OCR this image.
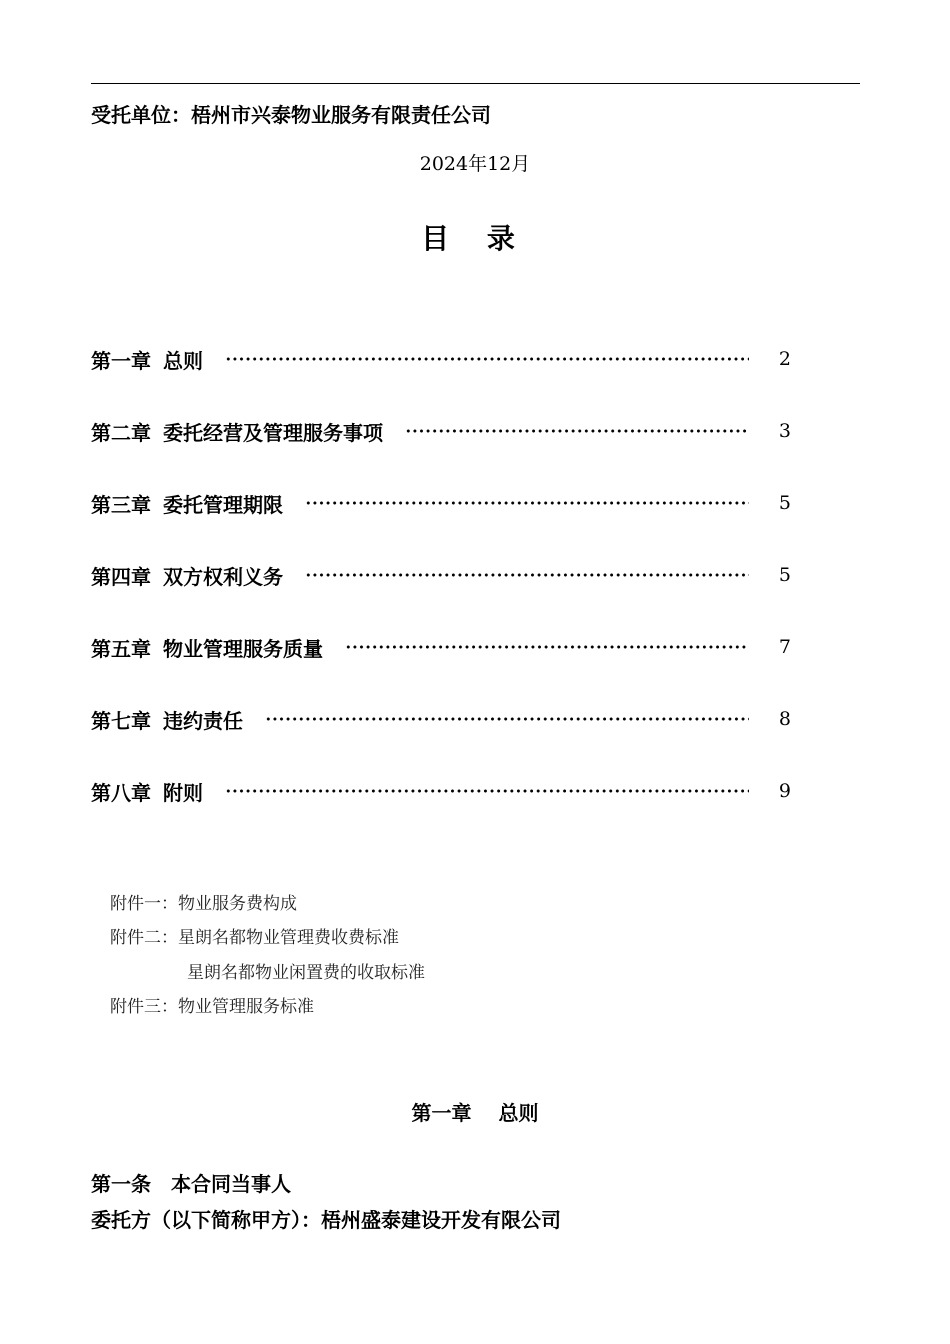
受托单位：梧州市兴泰物业服务有限责任公司
2024年12月
目 录
第一章 总则	2
第二章 委托经营及管理服务事项	3
第三章 委托管理期限	5
第四章 双方权利义务	5
第五章 物业管理服务质量	7
第七章 违约责任	8
第八章 附则	9
附件一：物业服务费构成
附件二：星朗名都物业管理费收费标准
星朗名都物业闲置费的收取标准
附件三：物业管理服务标准
第一章　 总则
第一条　本合同当事人
委托方（以下简称甲方）：梧州盛泰建设开发有限公司
